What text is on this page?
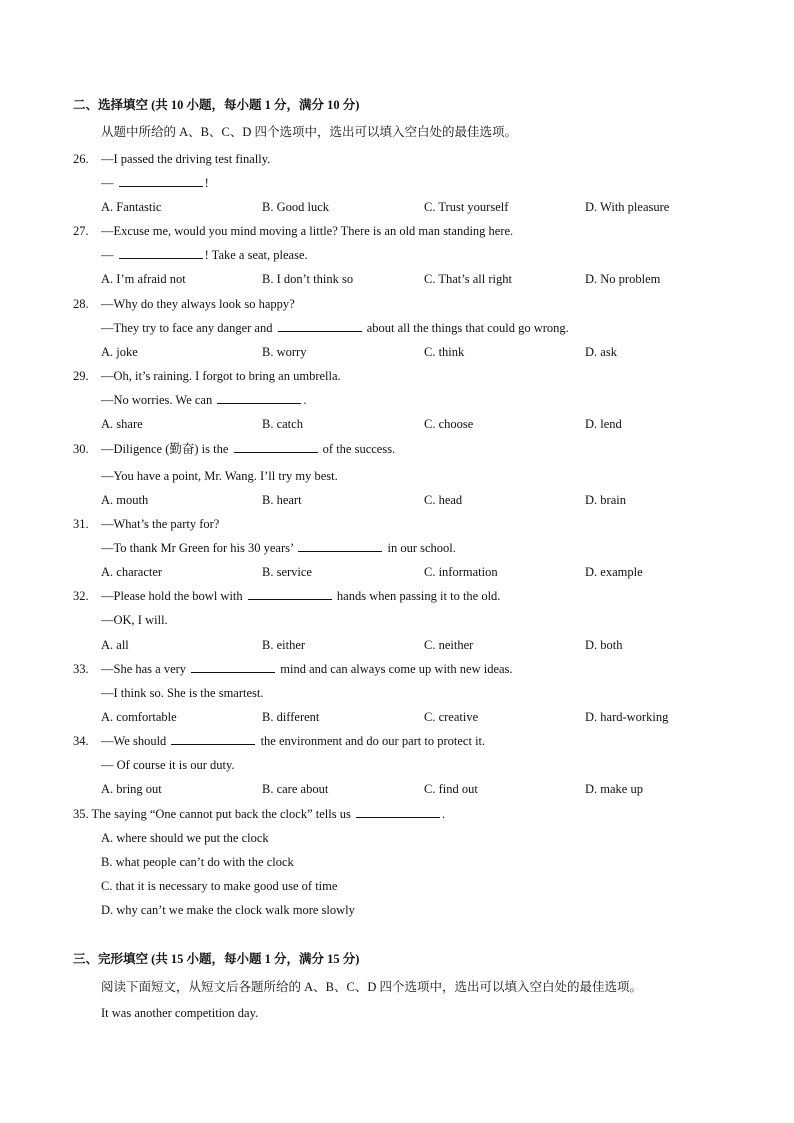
二、选择填空 (共 10 小题，每小题 1 分，满分 10 分)
从题中所给的 A、B、C、D 四个选项中，选出可以填入空白处的最佳选项。
26. —I passed the driving test finally.
—	!
A. Fantastic	B. Good luck	C. Trust yourself	D. With pleasure
27. —Excuse me, would you mind moving a little? There is an old man standing here.
—	! Take a seat, please.
A. I’m afraid not	B. I don’t think so	C. That’s all right	D. No problem
28. —Why do they always look so happy?
—They try to face any danger and	about all the things that could go wrong.
A. joke	B. worry	C. think	D. ask
29. —Oh, it’s raining. I forgot to bring an umbrella.
—No worries. We can	.
A. share	B. catch	C. choose	D. lend
30. —Diligence (勤奋) is the	of the success.
—You have a point, Mr. Wang. I’ll try my best.
A. mouth	B. heart	C. head	D. brain
31. —What’s the party for?
—To thank Mr Green for his 30 years’	in our school.
A. character	B. service	C. information	D. example
32. —Please hold the bowl with	hands when passing it to the old.
—OK, I will.
A. all	B. either	C. neither	D. both
33. —She has a very	mind and can always come up with new ideas.
—I think so. She is the smartest.
A. comfortable	B. different	C. creative	D. hard-working
34. —We should	the environment and do our part to protect it.
— Of course it is our duty.
A. bring out	B. care about	C. find out	D. make up
35. The saying “One cannot put back the clock” tells us	.
A. where should we put the clock
B. what people can’t do with the clock
C. that it is necessary to make good use of time
D. why can’t we make the clock walk more slowly
三、完形填空 (共 15 小题，每小题 1 分，满分 15 分)
阅读下面短文，从短文后各题所给的 A、B、C、D 四个选项中，选出可以填入空白处的最佳选项。
It was another competition day.
